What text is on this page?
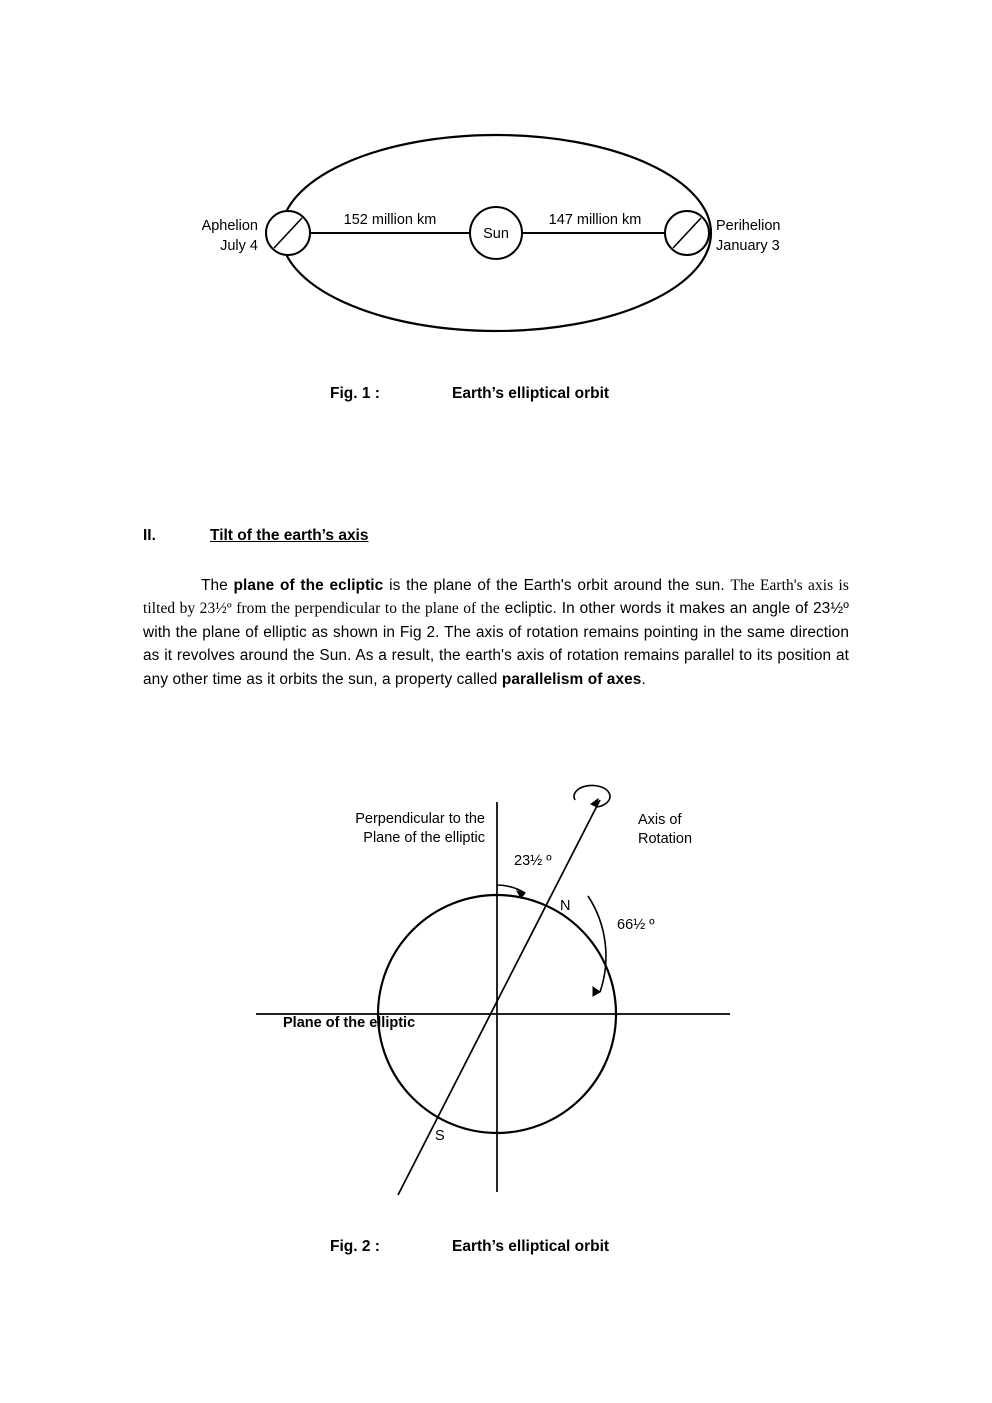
Sun
152 million km	147 million km
Aphelion
July 4
Perihelion
January 3
Fig. 1 :	Earth’s elliptical orbit
II.	Tilt of the earth’s axis
The plane of the ecliptic is the plane of the Earth's orbit around the sun. The Earth's axis is tilted by 23½º from the perpendicular to the plane of the ecliptic. In other words it makes an angle of 23½º with the plane of elliptic as shown in Fig 2. The axis of rotation remains pointing in the same direction as it revolves around the Sun. As a result, the earth's axis of rotation remains parallel to its position at any other time as it orbits the sun, a property called parallelism of axes.
Perpendicular to the
Plane of the elliptic
Axis of
Rotation
23½ º
66½ º
N
S
Plane of the elliptic
Fig. 2 :	Earth’s elliptical orbit
